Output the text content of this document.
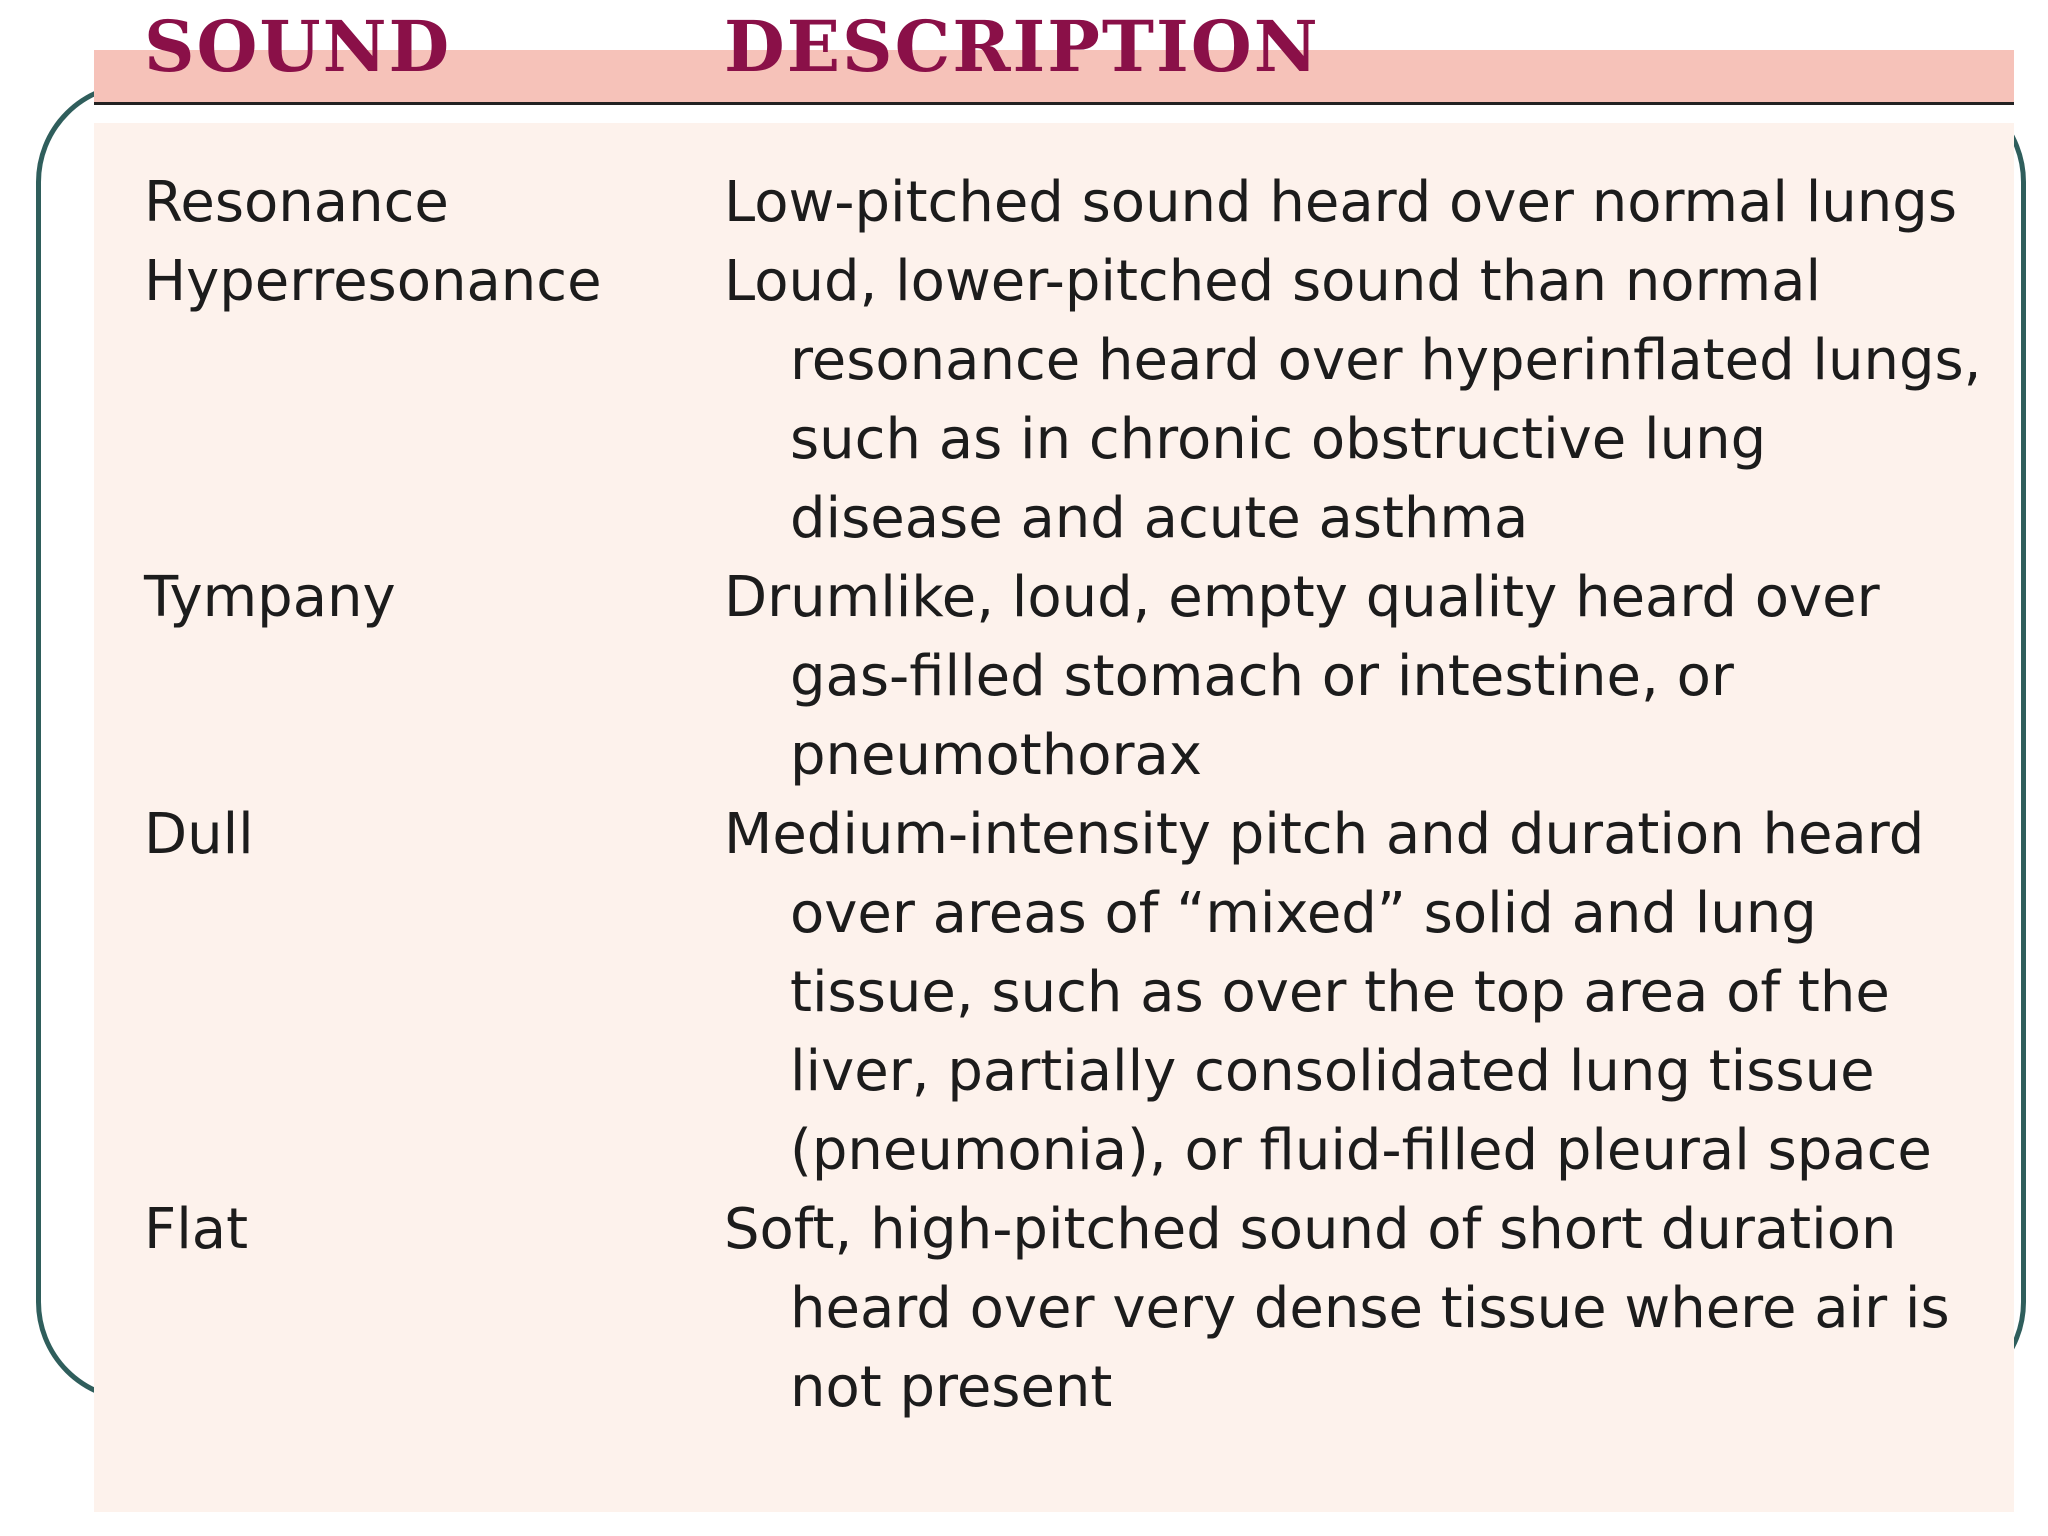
SOUND	DESCRIPTION
Resonance	Low-pitched sound heard over normal lungs
Hyperresonance	Loud, lower-pitched sound than normal resonance heard over hyperinflated lungs, such as in chronic obstructive lung disease and acute asthma
Tympany	Drumlike, loud, empty quality heard over gas-filled stomach or intestine, or pneumothorax
Dull	Medium-intensity pitch and duration heard over areas of “mixed” solid and lung tissue, such as over the top area of the liver, partially consolidated lung tissue (pneumonia), or fluid-filled pleural space
Flat	Soft, high-pitched sound of short duration heard over very dense tissue where air is not present
